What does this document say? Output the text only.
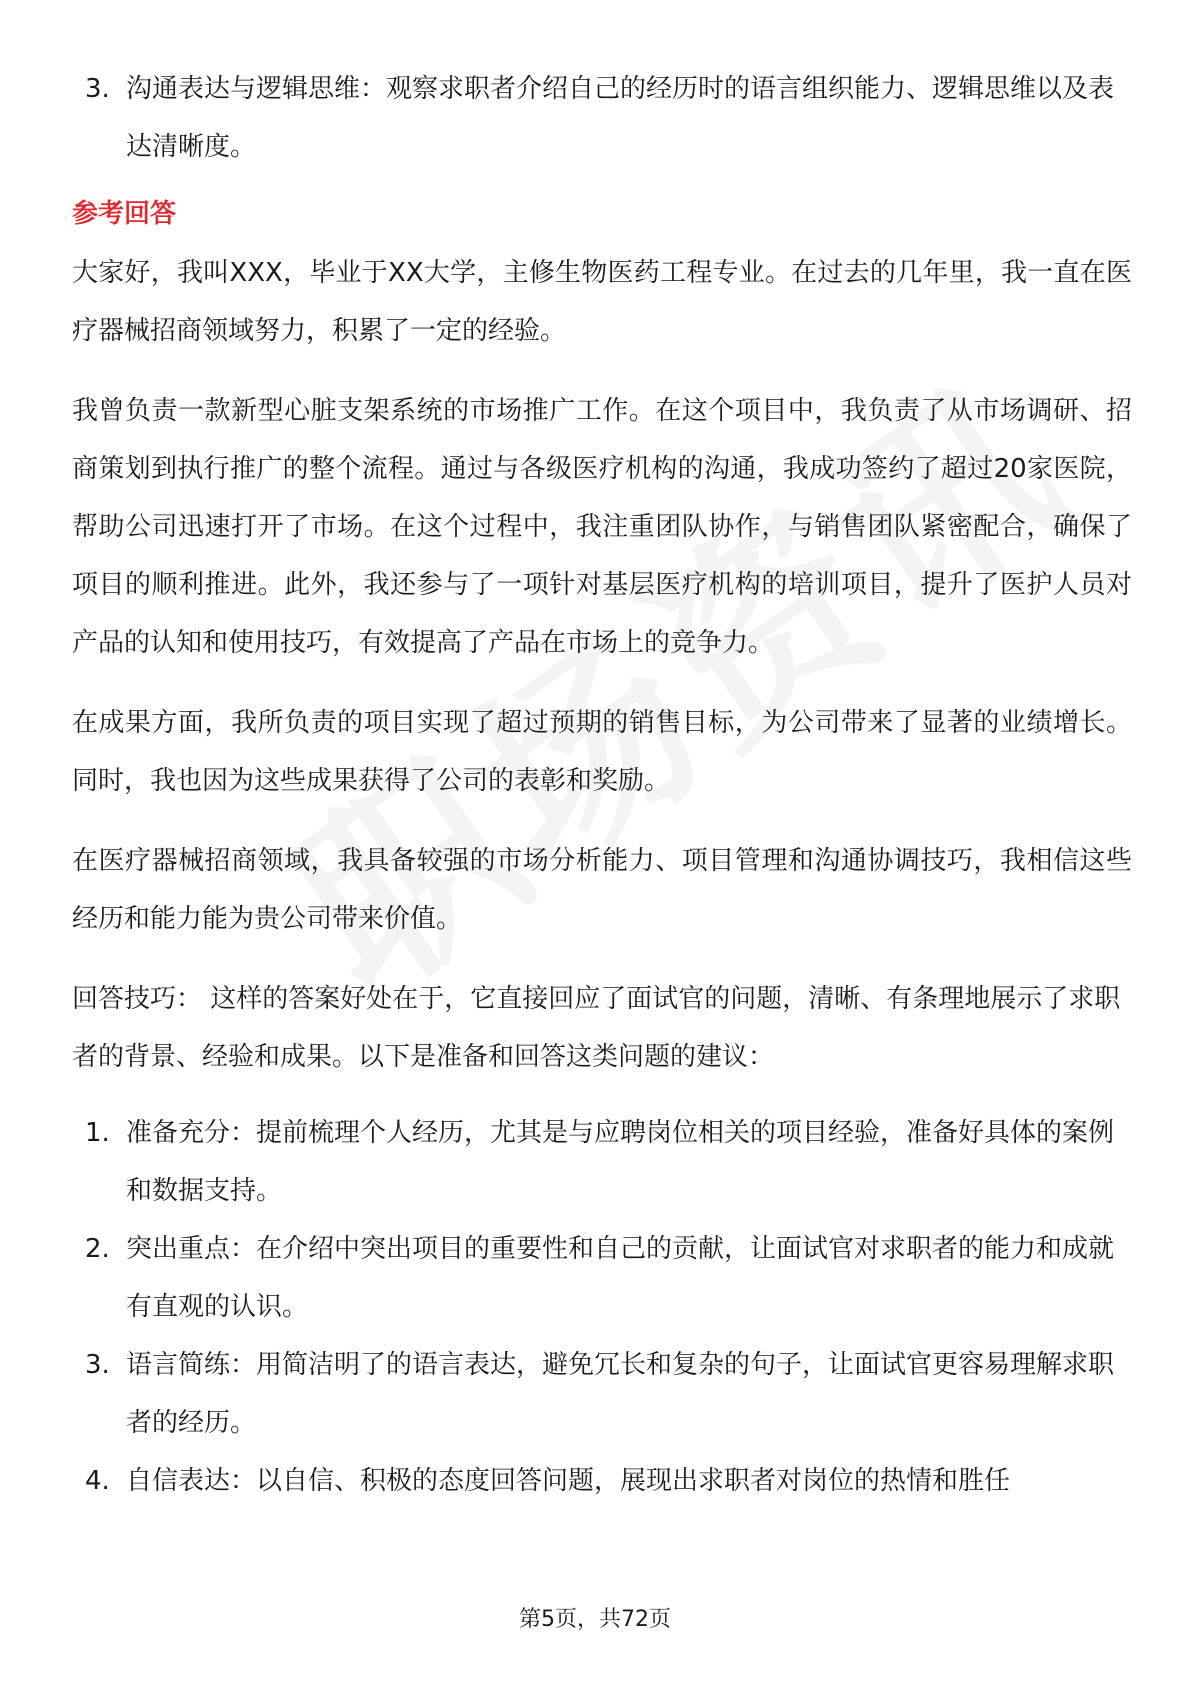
3. 沟通表达与逻辑思维：观察求职者介绍自己的经历时的语言组织能力、逻辑思维以及表达清晰度。
参考回答

大家好，我叫XXX，毕业于XX大学，主修生物医药工程专业。在过去的几年里，我一直在医疗器械招商领域努力，积累了一定的经验。

我曾负责一款新型心脏支架系统的市场推广工作。在这个项目中，我负责了从市场调研、招商策划到执行推广的整个流程。通过与各级医疗机构的沟通，我成功签约了超过20家医院，帮助公司迅速打开了市场。在这个过程中，我注重团队协作，与销售团队紧密配合，确保了项目的顺利推进。此外，我还参与了一项针对基层医疗机构的培训项目，提升了医护人员对产品的认知和使用技巧，有效提高了产品在市场上的竞争力。

在成果方面，我所负责的项目实现了超过预期的销售目标，为公司带来了显著的业绩增长。同时，我也因为这些成果获得了公司的表彰和奖励。

在医疗器械招商领域，我具备较强的市场分析能力、项目管理和沟通协调技巧，我相信这些经历和能力能为贵公司带来价值。

回答技巧： 这样的答案好处在于，它直接回应了面试官的问题，清晰、有条理地展示了求职者的背景、经验和成果。以下是准备和回答这类问题的建议：
1. 准备充分：提前梳理个人经历，尤其是与应聘岗位相关的项目经验，准备好具体的案例和数据支持。
2. 突出重点：在介绍中突出项目的重要性和自己的贡献，让面试官对求职者的能力和成就有直观的认识。
3. 语言简练：用简洁明了的语言表达，避免冗长和复杂的句子，让面试官更容易理解求职者的经历。
4. 自信表达：以自信、积极的态度回答问题，展现出求职者对岗位的热情和胜任
第5页，共72页
